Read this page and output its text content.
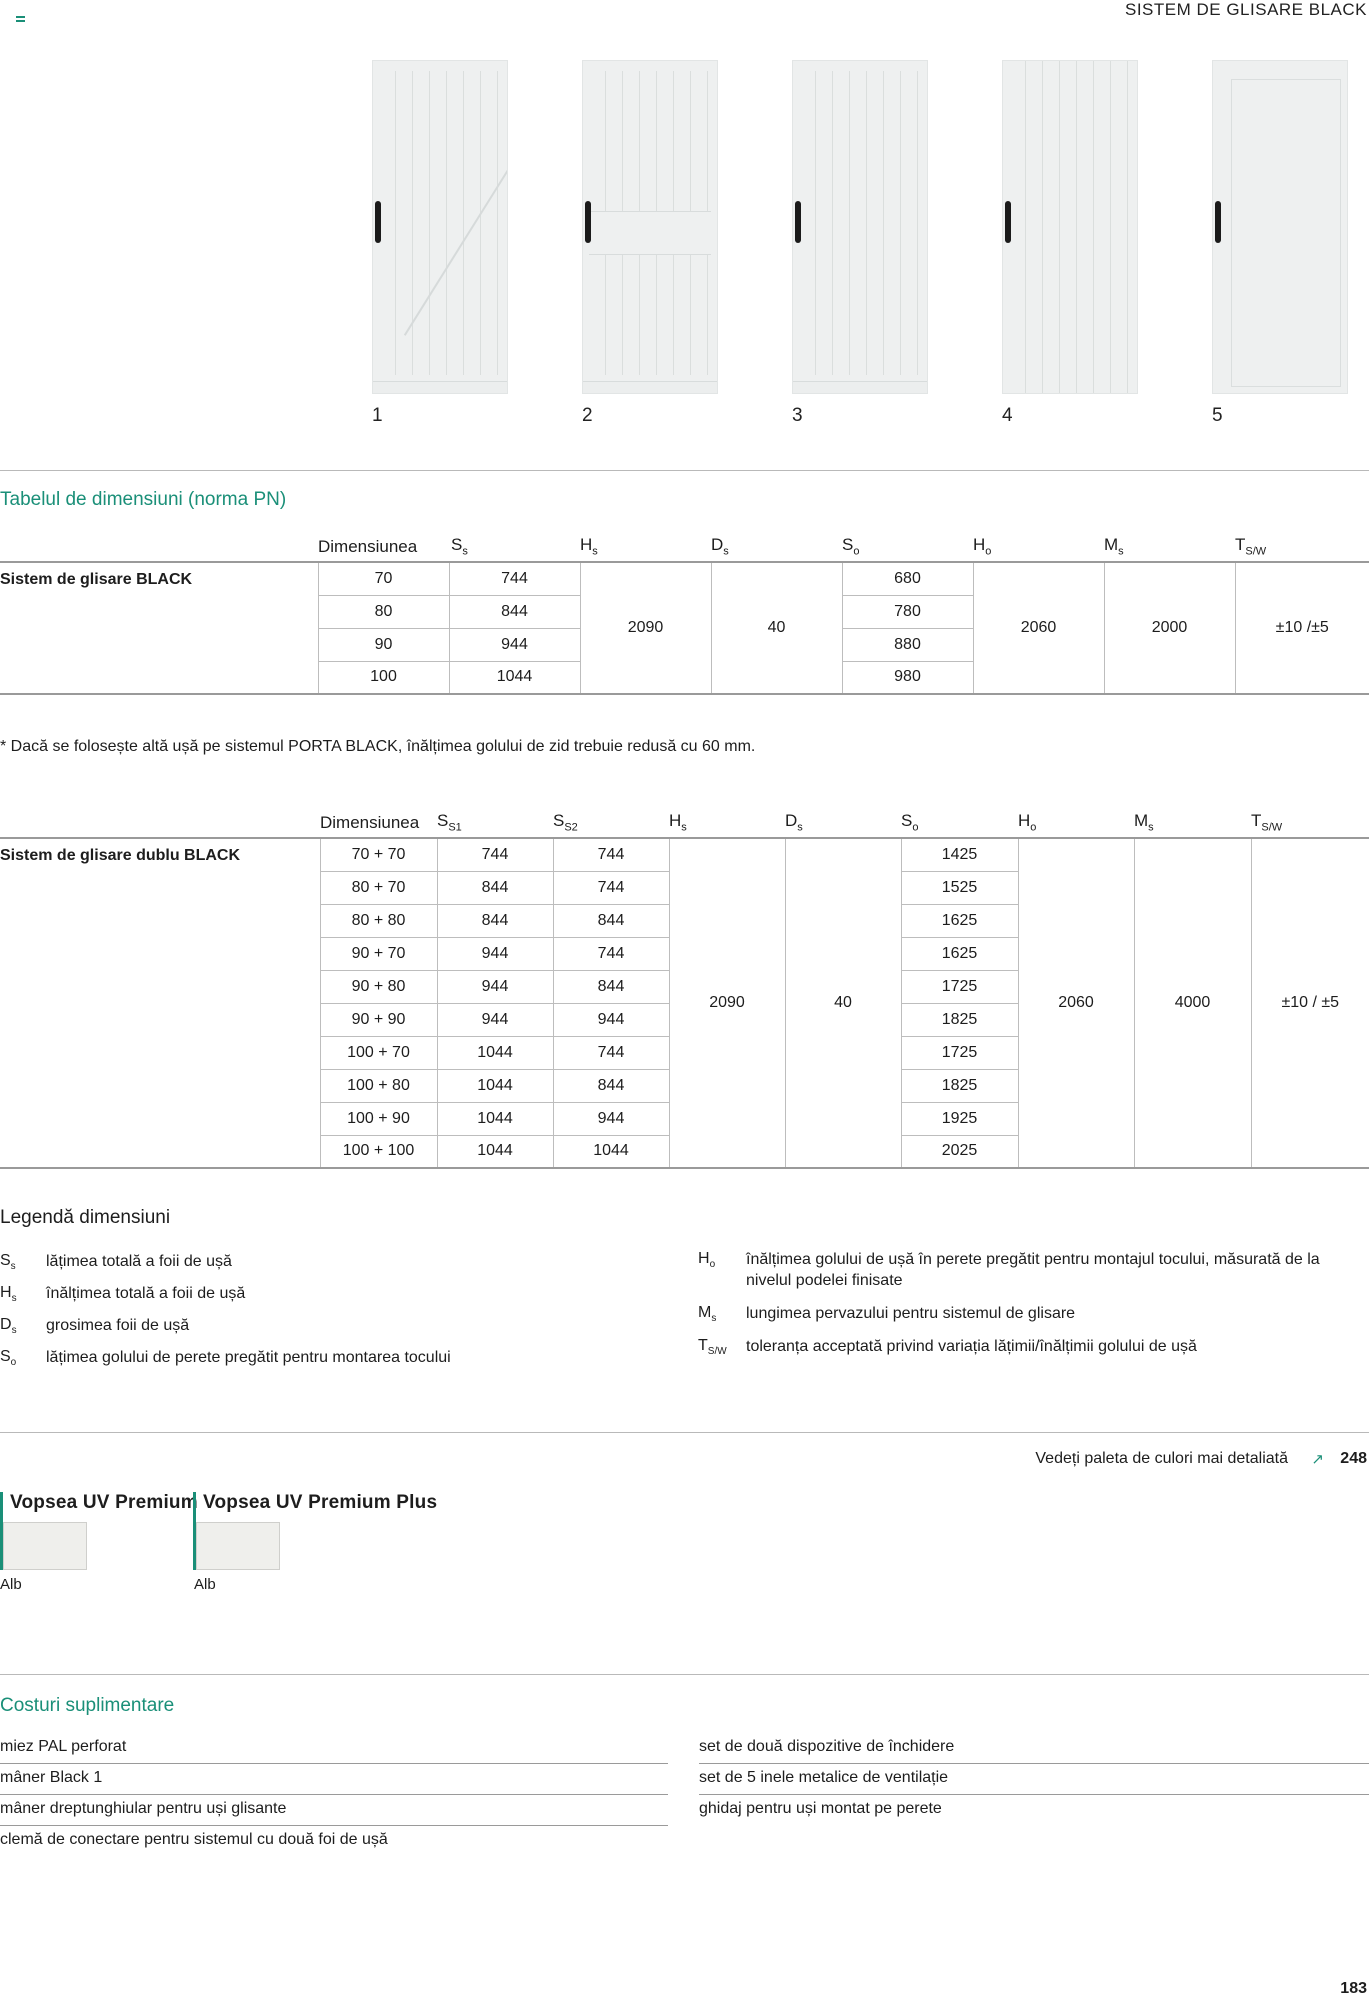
SISTEM DE GLISARE BLACK
1	2	3	4	5
Tabelul de dimensiuni (norma PN)
	Dimensiunea	$S_s$	$H_s$	$D_s$	$S_o$	$H_o$	$M_s$	$T_{S/W}$
Sistem de glisare BLACK	70	744	2090	40	680	2060	2000	±10 /±5
	80	844			780			
	90	944			880			
	100	1044			980			
* Dacă se folosește altă ușă pe sistemul PORTA BLACK, înălțimea golului de zid trebuie redusă cu 60 mm.
	Dimensiunea	$S_{S1}$	$S_{S2}$	$H_s$	$D_s$	$S_o$	$H_o$	$M_s$	$T_{S/W}$
Sistem de glisare dublu BLACK	70 + 70	744	744	2090	40	1425	2060	4000	±10 / ±5
	80 + 70	844	744			1525			
	80 + 80	844	844			1625			
	90 + 70	944	744			1625			
	90 + 80	944	844			1725			
	90 + 90	944	944			1825			
	100 + 70	1044	744			1725			
	100 + 80	1044	844			1825			
	100 + 90	1044	944			1925			
	100 + 100	1044	1044			2025			
Legendă dimensiuni
$S_s$ lățimea totală a foii de ușă
$H_s$ înălțimea totală a foii de ușă
$D_s$ grosimea foii de ușă
$S_o$ lățimea golului de perete pregătit pentru montarea tocului
$H_o$ înălțimea golului de ușă în perete pregătit pentru montajul tocului, măsurată de la nivelul podelei finisate
$M_s$ lungimea pervazului pentru sistemul de glisare
$T_{S/W}$ toleranța acceptată privind variația lățimii/înălțimii golului de ușă
Vedeți paleta de culori mai detaliată ↗ 248
Vopsea UV Premium
Alb
Vopsea UV Premium Plus
Alb
Costuri suplimentare
miez PAL perforat
mâner Black 1
mâner dreptunghiular pentru uși glisante
clemă de conectare pentru sistemul cu două foi de ușă
set de două dispozitive de închidere
set de 5 inele metalice de ventilație
ghidaj pentru uși montat pe perete
183
